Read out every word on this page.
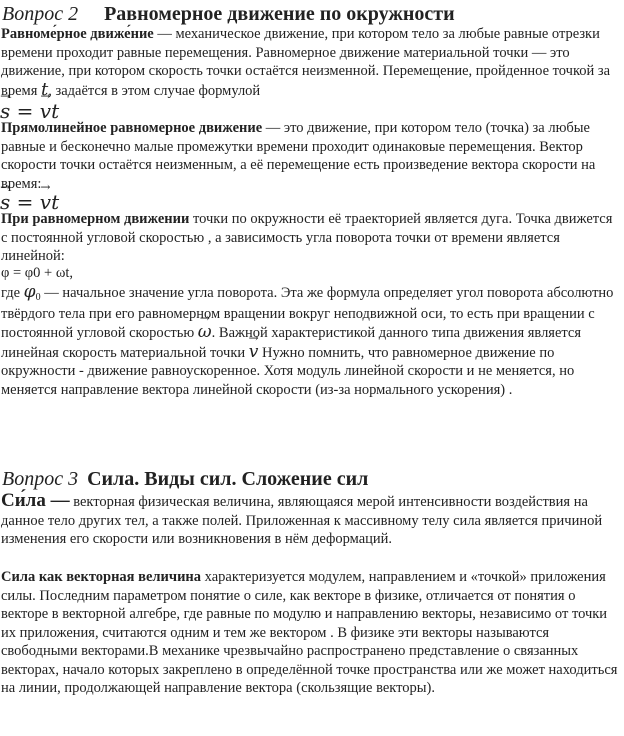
Вопрос 2 Равномерное движение по окружности
Равноме́рное движе́ние — механическое движение, при котором тело за любые равные отрезки времени проходит равные перемещения. Равномерное движение материальной точки — это движение, при котором скорость точки остаётся неизменной. Перемещение, пройденное точкой за время t, задаётся в этом случае формулой
→ s = → vt
Прямолинейное равномерное движение — это движение, при котором тело (точка) за любые равные и бесконечно малые промежутки времени проходит одинаковые перемещения. Вектор скорости точки остаётся неизменным, а её перемещение есть произведение вектора скорости на время:
→ s = → vt
При равномерном движении точки по окружности её траекторией является дуга. Точка движется с постоянной угловой скоростью , а зависимость угла поворота точки от времени является линейной:
φ = φ0 + ωt,
где $\varphi_0$ — начальное значение угла поворота. Эта же формула определяет угол поворота абсолютно твёрдого тела при его равномерном вращении вокруг неподвижной оси, то есть при вращении с постоянной угловой скоростью → ω. Важной характеристикой данного типа движения является линейная скорость материальной точки → v Нужно помнить, что равномерное движение по окружности - движение равноускоренное. Хотя модуль линейной скорости и не меняется, но меняется направление вектора линейной скорости (из-за нормального ускорения) .
Вопрос 3 Сила. Виды сил. Сложение сил
Си́ла — векторная физическая величина, являющаяся мерой интенсивности воздействия на данное тело других тел, а также полей. Приложенная к массивному телу сила является причиной изменения его скорости или возникновения в нём деформаций.
Сила как векторная величина характеризуется модулем, направлением и «точкой» приложения силы. Последним параметром понятие о силе, как векторе в физике, отличается от понятия о векторе в векторной алгебре, где равные по модулю и направлению векторы, независимо от точки их приложения, считаются одним и тем же вектором . В физике эти векторы называются свободными векторами.В механике чрезвычайно распространено представление о связанных векторах, начало которых закреплено в определённой точке пространства или же может находиться на линии, продолжающей направление вектора (скользящие векторы).
